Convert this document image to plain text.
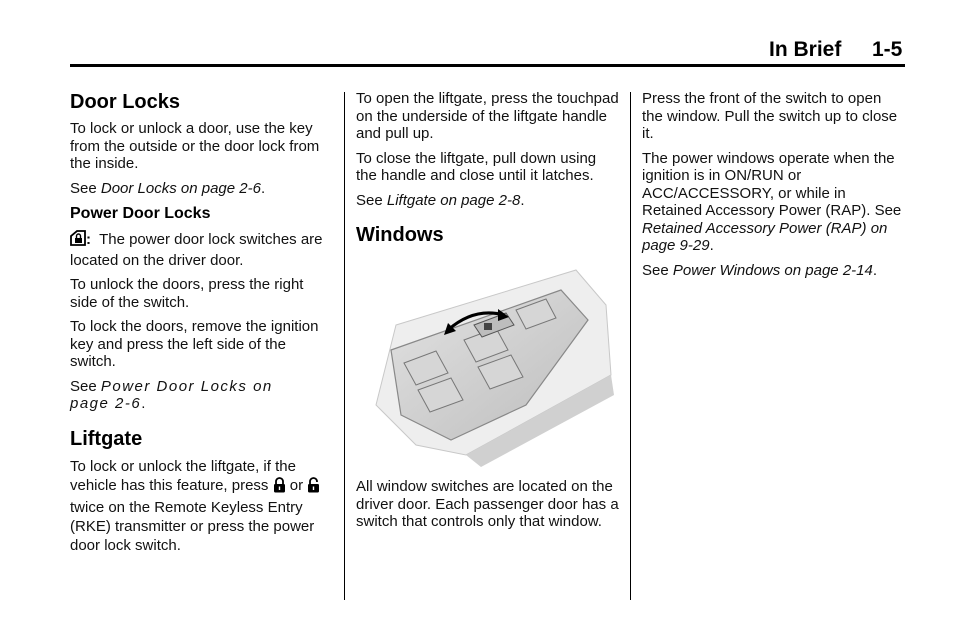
In Brief 1-5
Door Locks

To lock or unlock a door, use the key from the outside or the door lock from the inside.

See Door Locks on page 2-6.

Power Door Locks

: The power door lock switches are located on the driver door.

To unlock the doors, press the right side of the switch.

To lock the doors, remove the ignition key and press the left side of the switch.

See Power Door Locks on
page 2-6.

Liftgate

To lock or unlock the liftgate, if the vehicle has this feature, press or  twice on the Remote Keyless Entry (RKE) transmitter or press the power door lock switch.

To open the liftgate, press the touchpad on the underside of the liftgate handle and pull up.

To close the liftgate, pull down using the handle and close until it latches.

See Liftgate on page 2-8.

Windows

All window switches are located on the driver door. Each passenger door has a switch that controls only that window.

Press the front of the switch to open the window. Pull the switch up to close it.

The power windows operate when the ignition is in ON/RUN or ACC/ACCESSORY, or while in Retained Accessory Power (RAP). See Retained Accessory Power (RAP) on page 9-29.

See Power Windows on page 2-14.
